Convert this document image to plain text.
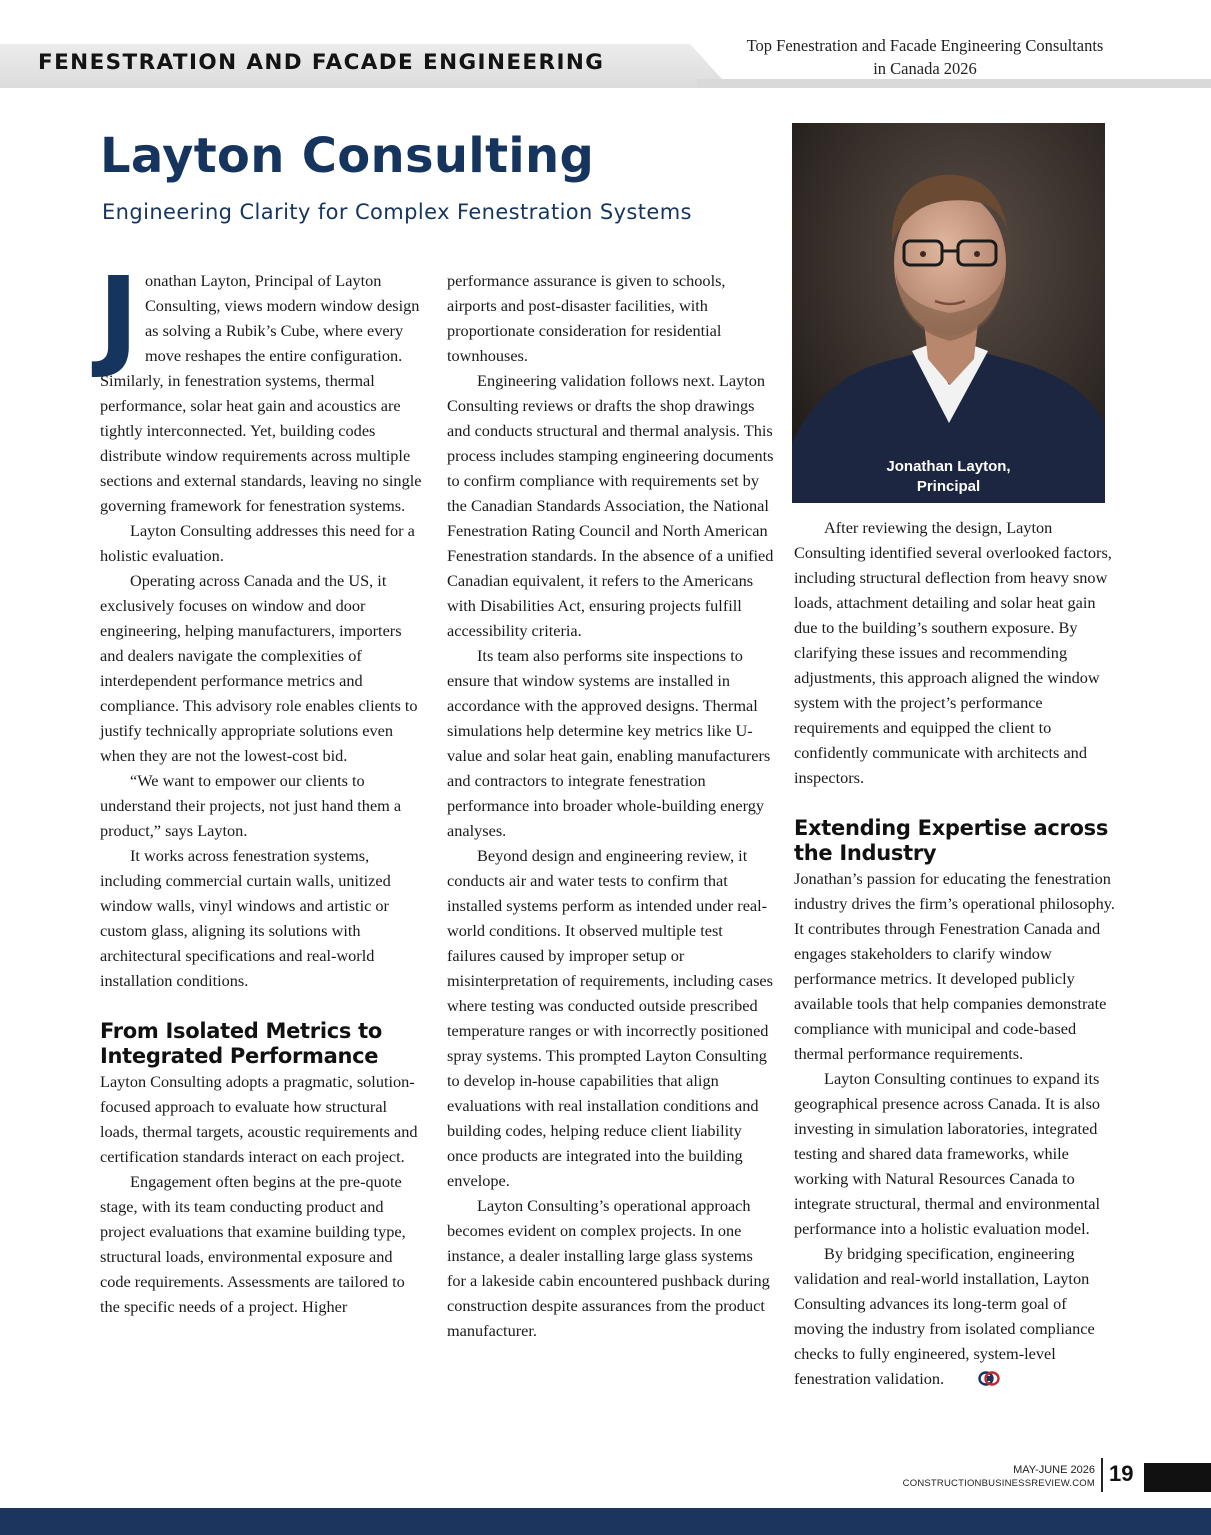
FENESTRATION AND FACADE ENGINEERING
Top Fenestration and Facade Engineering Consultants
in Canada 2026
Layton Consulting
Engineering Clarity for Complex Fenestration Systems

Jonathan Layton, Principal of Layton Consulting, views modern window design as solving a Rubik’s Cube, where every move reshapes the entire configuration. Similarly, in fenestration systems, thermal performance, solar heat gain and acoustics are tightly interconnected. Yet, building codes distribute window requirements across multiple sections and external standards, leaving no single governing framework for fenestration systems.

Layton Consulting addresses this need for a holistic evaluation.

Operating across Canada and the US, it exclusively focuses on window and door engineering, helping manufacturers, importers and dealers navigate the complexities of interdependent performance metrics and compliance. This advisory role enables clients to justify technically appropriate solutions even when they are not the lowest-cost bid.

“We want to empower our clients to understand their projects, not just hand them a product,” says Layton.

It works across fenestration systems, including commercial curtain walls, unitized window walls, vinyl windows and artistic or custom glass, aligning its solutions with architectural specifications and real-world installation conditions.

From Isolated Metrics to
Integrated Performance

Layton Consulting adopts a pragmatic, solution-focused approach to evaluate how structural loads, thermal targets, acoustic requirements and certification standards interact on each project.

Engagement often begins at the pre-quote stage, with its team conducting product and project evaluations that examine building type, structural loads, environmental exposure and code requirements. Assessments are tailored to the specific needs of a project. Higher

performance assurance is given to schools, airports and post-disaster facilities, with proportionate consideration for residential townhouses.

Engineering validation follows next. Layton Consulting reviews or drafts the shop drawings and conducts structural and thermal analysis. This process includes stamping engineering documents to confirm compliance with requirements set by the Canadian Standards Association, the National Fenestration Rating Council and North American Fenestration standards. In the absence of a unified Canadian equivalent, it refers to the Americans with Disabilities Act, ensuring projects fulfill accessibility criteria.

Its team also performs site inspections to ensure that window systems are installed in accordance with the approved designs. Thermal simulations help determine key metrics like U-value and solar heat gain, enabling manufacturers and contractors to integrate fenestration performance into broader whole-building energy analyses.

Beyond design and engineering review, it conducts air and water tests to confirm that installed systems perform as intended under real-world conditions. It observed multiple test failures caused by improper setup or misinterpretation of requirements, including cases where testing was conducted outside prescribed temperature ranges or with incorrectly positioned spray systems. This prompted Layton Consulting to develop in-house capabilities that align evaluations with real installation conditions and building codes, helping reduce client liability once products are integrated into the building envelope.

Layton Consulting’s operational approach becomes evident on complex projects. In one instance, a dealer installing large glass systems for a lakeside cabin encountered pushback during construction despite assurances from the product manufacturer.

Jonathan Layton,
Principal

After reviewing the design, Layton Consulting identified several overlooked factors, including structural deflection from heavy snow loads, attachment detailing and solar heat gain due to the building’s southern exposure. By clarifying these issues and recommending adjustments, this approach aligned the window system with the project’s performance requirements and equipped the client to confidently communicate with architects and inspectors.

Extending Expertise across
the Industry

Jonathan’s passion for educating the fenestration industry drives the firm’s operational philosophy. It contributes through Fenestration Canada and engages stakeholders to clarify window performance metrics. It developed publicly available tools that help companies demonstrate compliance with municipal and code-based thermal performance requirements.

Layton Consulting continues to expand its geographical presence across Canada. It is also investing in simulation laboratories, integrated testing and shared data frameworks, while working with Natural Resources Canada to integrate structural, thermal and environmental performance into a holistic evaluation model.

By bridging specification, engineering validation and real-world installation, Layton Consulting advances its long-term goal of moving the industry from isolated compliance checks to fully engineered, system-level fenestration validation.

MAY-JUNE 2026
CONSTRUCTIONBUSINESSREVIEW.COM 19
